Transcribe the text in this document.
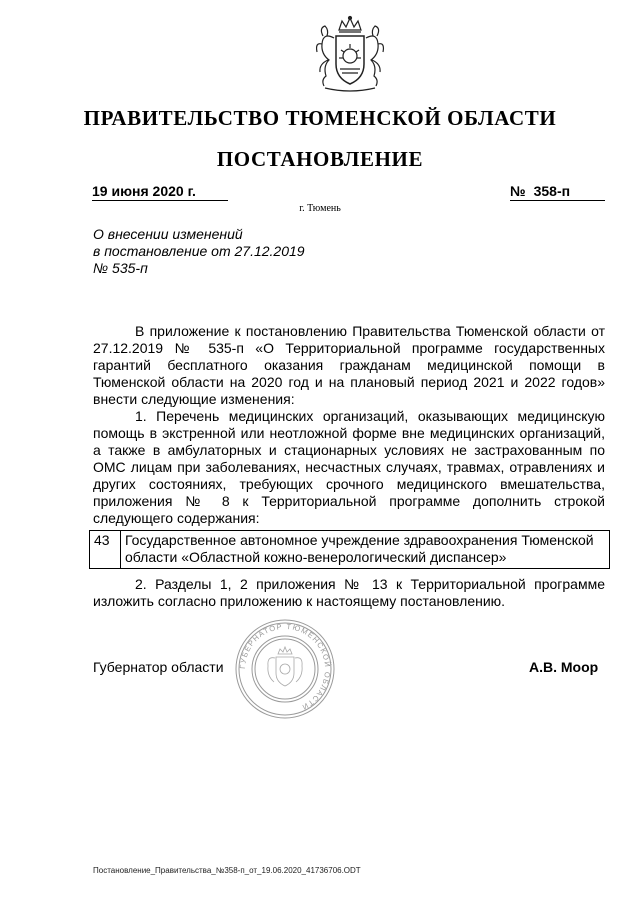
ПРАВИТЕЛЬСТВО ТЮМЕНСКОЙ ОБЛАСТИ
ПОСТАНОВЛЕНИЕ
19 июня 2020 г.	№ 358-п
г. Тюмень
О внесении изменений
в постановление от 27.12.2019
№ 535-п
В приложение к постановлению Правительства Тюменской области от 27.12.2019 № 535-п «О Территориальной программе государственных гарантий бесплатного оказания гражданам медицинской помощи в Тюменской области на 2020 год и на плановый период 2021 и 2022 годов» внести следующие изменения:
1. Перечень медицинских организаций, оказывающих медицинскую помощь в экстренной или неотложной форме вне медицинских организаций, а также в амбулаторных и стационарных условиях не застрахованным по ОМС лицам при заболеваниях, несчастных случаях, травмах, отравлениях и других состояниях, требующих срочного медицинского вмешательства, приложения № 8 к Территориальной программе дополнить строкой следующего содержания:
43	Государственное автономное учреждение здравоохранения Тюменской области «Областной кожно-венерологический диспансер»
2. Разделы 1, 2 приложения № 13 к Территориальной программе изложить согласно приложению к настоящему постановлению.
ГУБЕРНАТОР ТЮМЕНСКОЙ ОБЛАСТИ
Губернатор области	А.В. Моор
Постановление_Правительства_№358-п_от_19.06.2020_41736706.ODT
